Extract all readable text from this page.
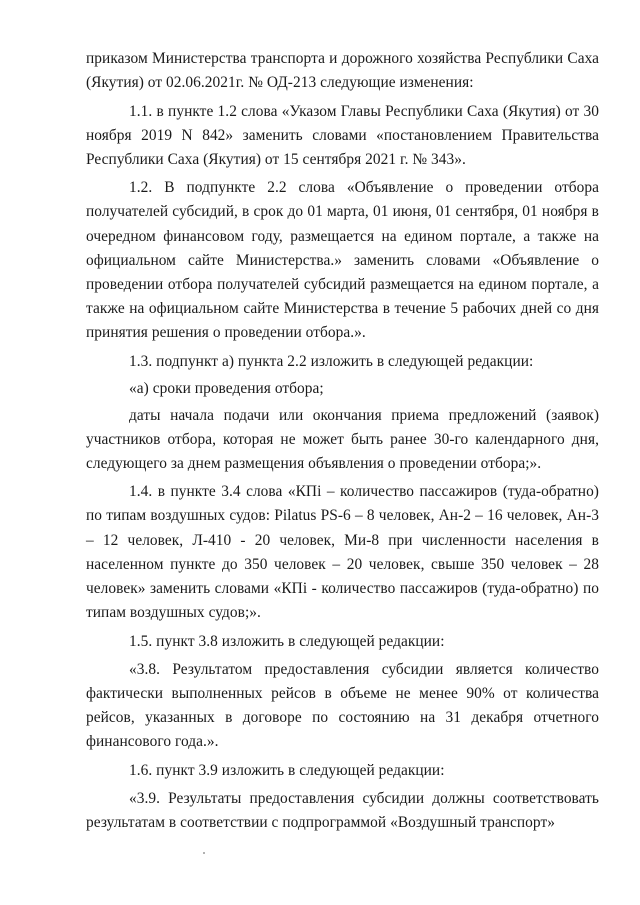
приказом Министерства транспорта и дорожного хозяйства Республики Саха (Якутия) от 02.06.2021г. № ОД-213 следующие изменения:

1.1. в пункте 1.2 слова «Указом Главы Республики Саха (Якутия) от 30 ноября 2019 N 842» заменить словами «постановлением Правительства Республики Саха (Якутия) от 15 сентября 2021 г. № 343».

1.2. В подпункте 2.2 слова «Объявление о проведении отбора получателей субсидий, в срок до 01 марта, 01 июня, 01 сентября, 01 ноября в очередном финансовом году, размещается на едином портале, а также на официальном сайте Министерства.» заменить словами «Объявление о проведении отбора получателей субсидий размещается на едином портале, а также на официальном сайте Министерства в течение 5 рабочих дней со дня принятия решения о проведении отбора.».

1.3. подпункт а) пункта 2.2 изложить в следующей редакции:

«а) сроки проведения отбора;

даты начала подачи или окончания приема предложений (заявок) участников отбора, которая не может быть ранее 30-го календарного дня, следующего за днем размещения объявления о проведении отбора;».

1.4. в пункте 3.4 слова «КПi – количество пассажиров (туда-обратно) по типам воздушных судов: Pilatus PS-6 – 8 человек, Ан-2 – 16 человек, Ан-3 – 12 человек, Л-410 - 20 человек, Ми-8 при численности населения в населенном пункте до 350 человек – 20 человек, свыше 350 человек – 28 человек» заменить словами «КПi - количество пассажиров (туда-обратно) по типам воздушных судов;».

1.5. пункт 3.8 изложить в следующей редакции:

«3.8. Результатом предоставления субсидии является количество фактически выполненных рейсов в объеме не менее 90% от количества рейсов, указанных в договоре по состоянию на 31 декабря отчетного финансового года.».

1.6. пункт 3.9 изложить в следующей редакции:

«3.9. Результаты предоставления субсидии должны соответствовать результатам в соответствии с подпрограммой «Воздушный транспорт»
